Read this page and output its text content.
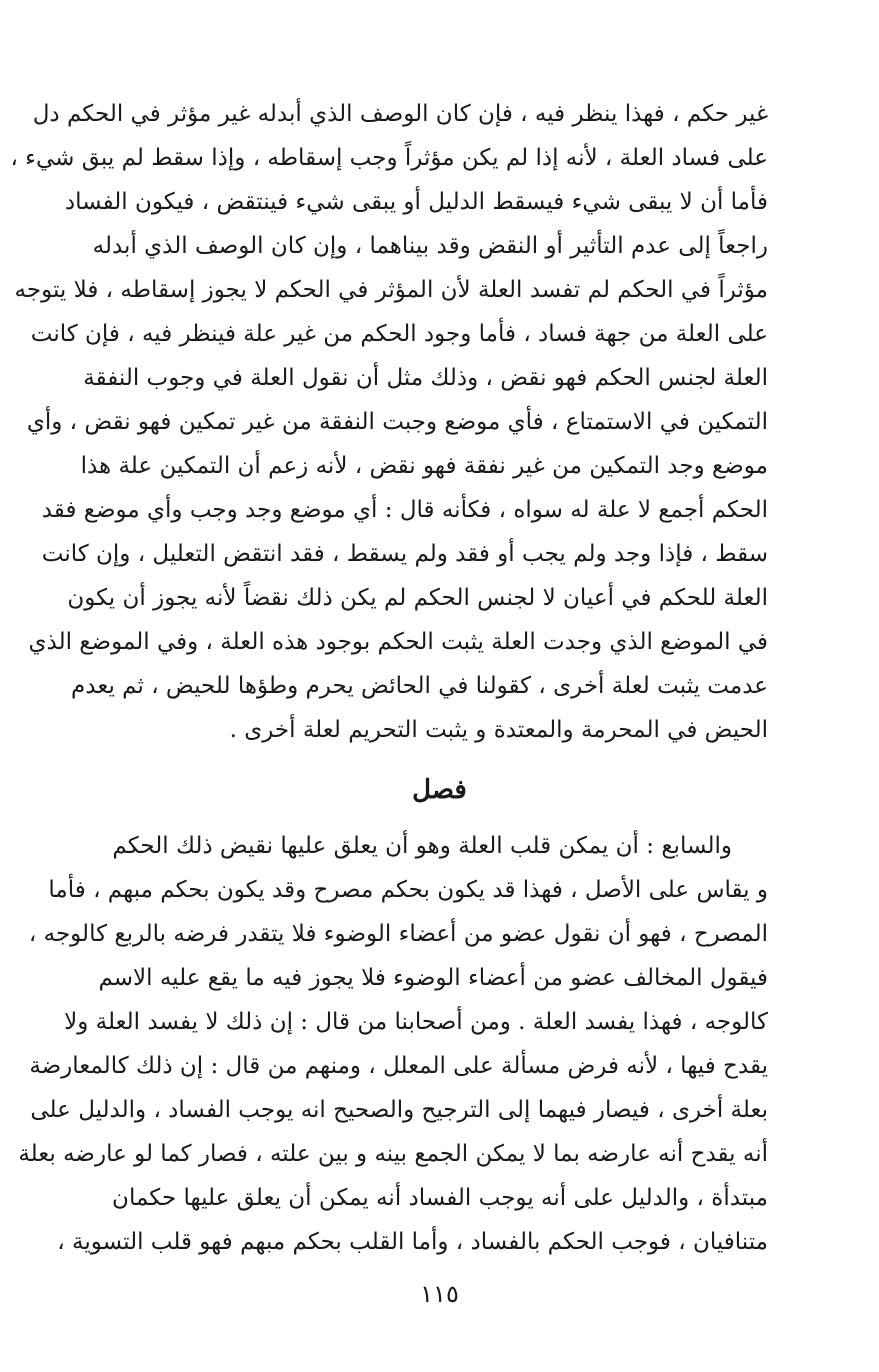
غير حكم ، فهذا ينظر فيه ، فإن كان الوصف الذي أبدله غير مؤثر في الحكم دل
على فساد العلة ، لأنه إذا لم يكن مؤثراً وجب إسقاطه ، وإذا سقط لم يبق شيء ،
فأما أن لا يبقى شيء فيسقط الدليل أو يبقى شيء فينتقض ، فيكون الفساد
راجعاً إلى عدم التأثير أو النقض وقد بيناهما ، وإن كان الوصف الذي أبدله
مؤثراً في الحكم لم تفسد العلة لأن المؤثر في الحكم لا يجوز إسقاطه ، فلا يتوجه
على العلة من جهة فساد ، فأما وجود الحكم من غير علة فينظر فيه ، فإن كانت
العلة لجنس الحكم فهو نقض ، وذلك مثل أن نقول العلة في وجوب النفقة
التمكين في الاستمتاع ، فأي موضع وجبت النفقة من غير تمكين فهو نقض ، وأي
موضع وجد التمكين من غير نفقة فهو نقض ، لأنه زعم أن التمكين علة هذا
الحكم أجمع لا علة له سواه ، فكأنه قال : أي موضع وجد وجب وأي موضع فقد
سقط ، فإذا وجد ولم يجب أو فقد ولم يسقط ، فقد انتقض التعليل ، وإن كانت
العلة للحكم في أعيان لا لجنس الحكم لم يكن ذلك نقضاً لأنه يجوز أن يكون
في الموضع الذي وجدت العلة يثبت الحكم بوجود هذه العلة ، وفي الموضع الذي
عدمت يثبت لعلة أخرى ، كقولنا في الحائض يحرم وطؤها للحيض ، ثم يعدم
الحيض في المحرمة والمعتدة و يثبت التحريم لعلة أخرى .
فصل
والسابع : أن يمكن قلب العلة وهو أن يعلق عليها نقيض ذلك الحكم
و يقاس على الأصل ، فهذا قد يكون بحكم مصرح وقد يكون بحكم مبهم ، فأما
المصرح ، فهو أن نقول عضو من أعضاء الوضوء فلا يتقدر فرضه بالربع كالوجه ،
فيقول المخالف عضو من أعضاء الوضوء فلا يجوز فيه ما يقع عليه الاسم
كالوجه ، فهذا يفسد العلة . ومن أصحابنا من قال : إن ذلك لا يفسد العلة ولا
يقدح فيها ، لأنه فرض مسألة على المعلل ، ومنهم من قال : إن ذلك كالمعارضة
بعلة أخرى ، فيصار فيهما إلى الترجيح والصحيح انه يوجب الفساد ، والدليل على
أنه يقدح أنه عارضه بما لا يمكن الجمع بينه و بين علته ، فصار كما لو عارضه بعلة
مبتدأة ، والدليل على أنه يوجب الفساد أنه يمكن أن يعلق عليها حكمان
متنافيان ، فوجب الحكم بالفساد ، وأما القلب بحكم مبهم فهو قلب التسوية ،
١١٥
